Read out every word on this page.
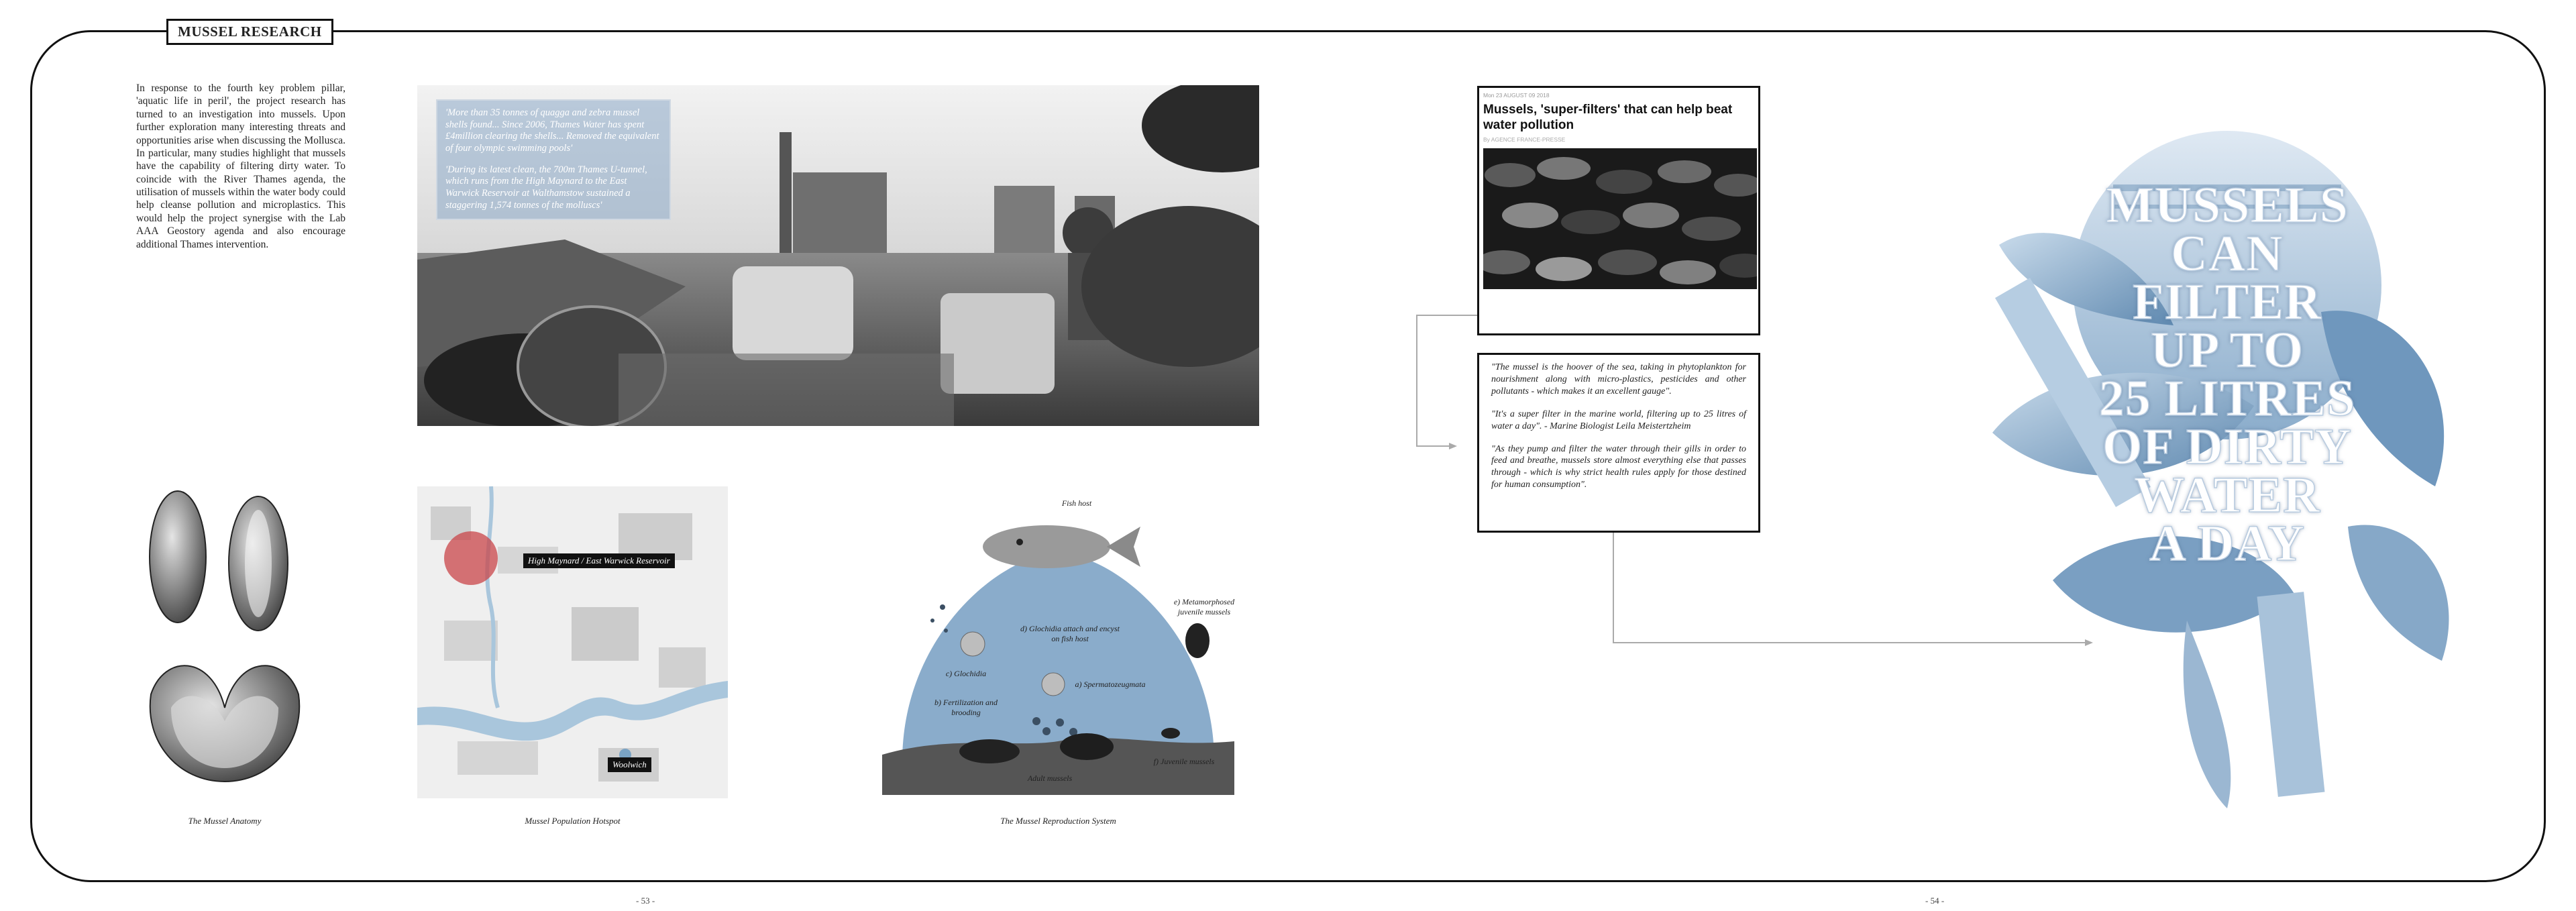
MUSSEL RESEARCH
In response to the fourth key problem pillar, 'aquatic life in peril', the project research has turned to an investigation into mussels. Upon further exploration many interesting threats and opportunities arise when discussing the Mollusca. In particular, many studies highlight that mussels have the capability of filtering dirty water. To coincide with the River Thames agenda, the utilisation of mussels within the water body could help cleanse pollution and microplastics. This would help the project synergise with the Lab AAA Geostory agenda and also encourage additional Thames intervention.

'More than 35 tonnes of quagga and zebra mussel shells found... Since 2006, Thames Water has spent £4million clearing the shells... Removed the equivalent of four olympic swimming pools'

'During its latest clean, the 700m Thames U-tunnel, which runs from the High Maynard to the East Warwick Reservoir at Walthamstow sustained a staggering 1,574 tonnes of the molluscs'

The Mussel Anatomy
High Maynard / East Warwick Reservoir
Woolwich
Mussel Population Hotspot
Fish host
e) Metamorphosed juvenile mussels
d) Glochidia attach and encyst on fish host
c) Glochidia
a) Spermatozeugmata
b) Fertilization and brooding
Adult mussels
f) Juvenile mussels
The Mussel Reproduction System
Mon 23 AUGUST 09 2018
Mussels, 'super-filters' that can help beat water pollution
By AGENCE FRANCE-PRESSE

"The mussel is the hoover of the sea, taking in phytoplankton for nourishment along with micro-plastics, pesticides and other pollutants - which makes it an excellent gauge".

"It's a super filter in the marine world, filtering up to 25 litres of water a day". - Marine Biologist Leila Meistertzheim

"As they pump and filter the water through their gills in order to feed and breathe, mussels store almost everything else that passes through - which is why strict health rules apply for those destined for human consumption".

MUSSELS
CAN
FILTER
UP TO
25 LITRES
OF DIRTY
WATER
A DAY
- 53 -	- 54 -
